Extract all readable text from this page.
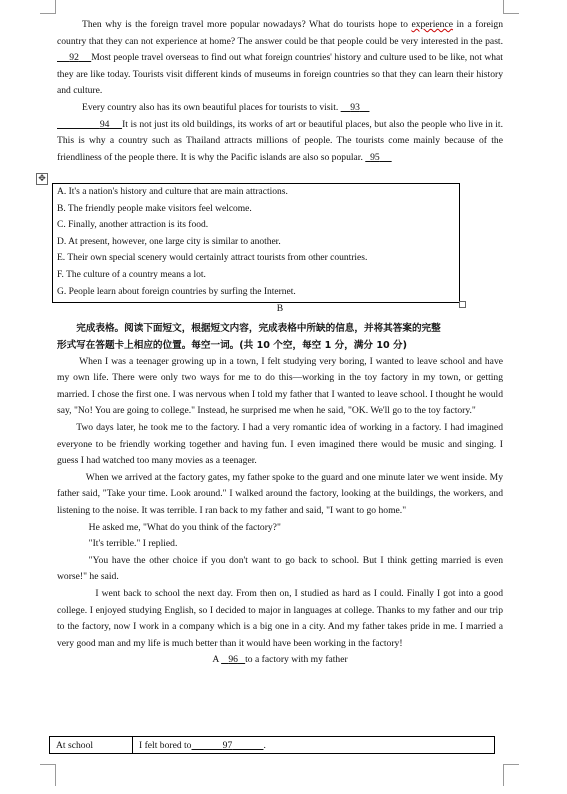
Then why is the foreign travel more popular nowadays? What do tourists hope to experience in a foreign country that they can not experience at home? The answer could be that people could be very interested in the past.      92 Most people travel overseas to find out what foreign countries' history and culture used to be like, not what they are like today. Tourists visit different kinds of museums in foreign countries so that they can learn their history and culture.

Every country also has its own beautiful places for tourists to visit.     93

94 It is not just its old buildings, its works of art or beautiful places, but also the people who live in it. This is why a country such as Thailand attracts millions of people. The tourists come mainly because of the friendliness of the people there. It is why the Pacific islands are also so popular.   95

✥

A. It's a nation's history and culture that are main attractions.

B. The friendly people make visitors feel welcome.

C. Finally, another attraction is its food.

D. At present, however, one large city is similar to another.

E. Their own special scenery would certainly attract tourists from other countries.

F. The culture of a country means a lot.

G. People learn about foreign countries by surfing the Internet.

B

完成表格。阅读下面短文，根据短文内容，完成表格中所缺的信息，并将其答案的完整

形式写在答题卡上相应的位置。每空一词。(共 10 个空，每空 1 分，满分 10 分)

When I was a teenager growing up in a town, I felt studying very boring, I wanted to leave school and have my own life. There were only two ways for me to do this—working in the toy factory in my town, or getting married. I chose the first one. I was nervous when I told my father that I wanted to leave school. I thought he would say, "No! You are going to college." Instead, he surprised me when he said, "OK. We'll go to the toy factory."

Two days later, he took me to the factory. I had a very romantic idea of working in a factory. I had imagined everyone to be friendly working together and having fun. I even imagined there would be music and singing. I guess I had watched too many movies as a teenager.

When we arrived at the factory gates, my father spoke to the guard and one minute later we went inside. My father said, "Take your time. Look around." I walked around the factory, looking at the buildings, the workers, and listening to the noise. It was terrible. I ran back to my father and said, "I want to go home."

He asked me, "What do you think of the factory?"

"It's terrible." I replied.

"You have the other choice if you don't want to go back to school. But I think getting married is even worse!" he said.

I went back to school the next day. From then on, I studied as hard as I could. Finally I got into a good college. I enjoyed studying English, so I decided to major in languages at college. Thanks to my father and our trip to the factory, now I work in a company which is a big one in a city. And my father takes pride in me. I married a very good man and my life is much better than it would have been working in the factory!

A    96 to a factory with my father

At school	I felt bored to	97	.
